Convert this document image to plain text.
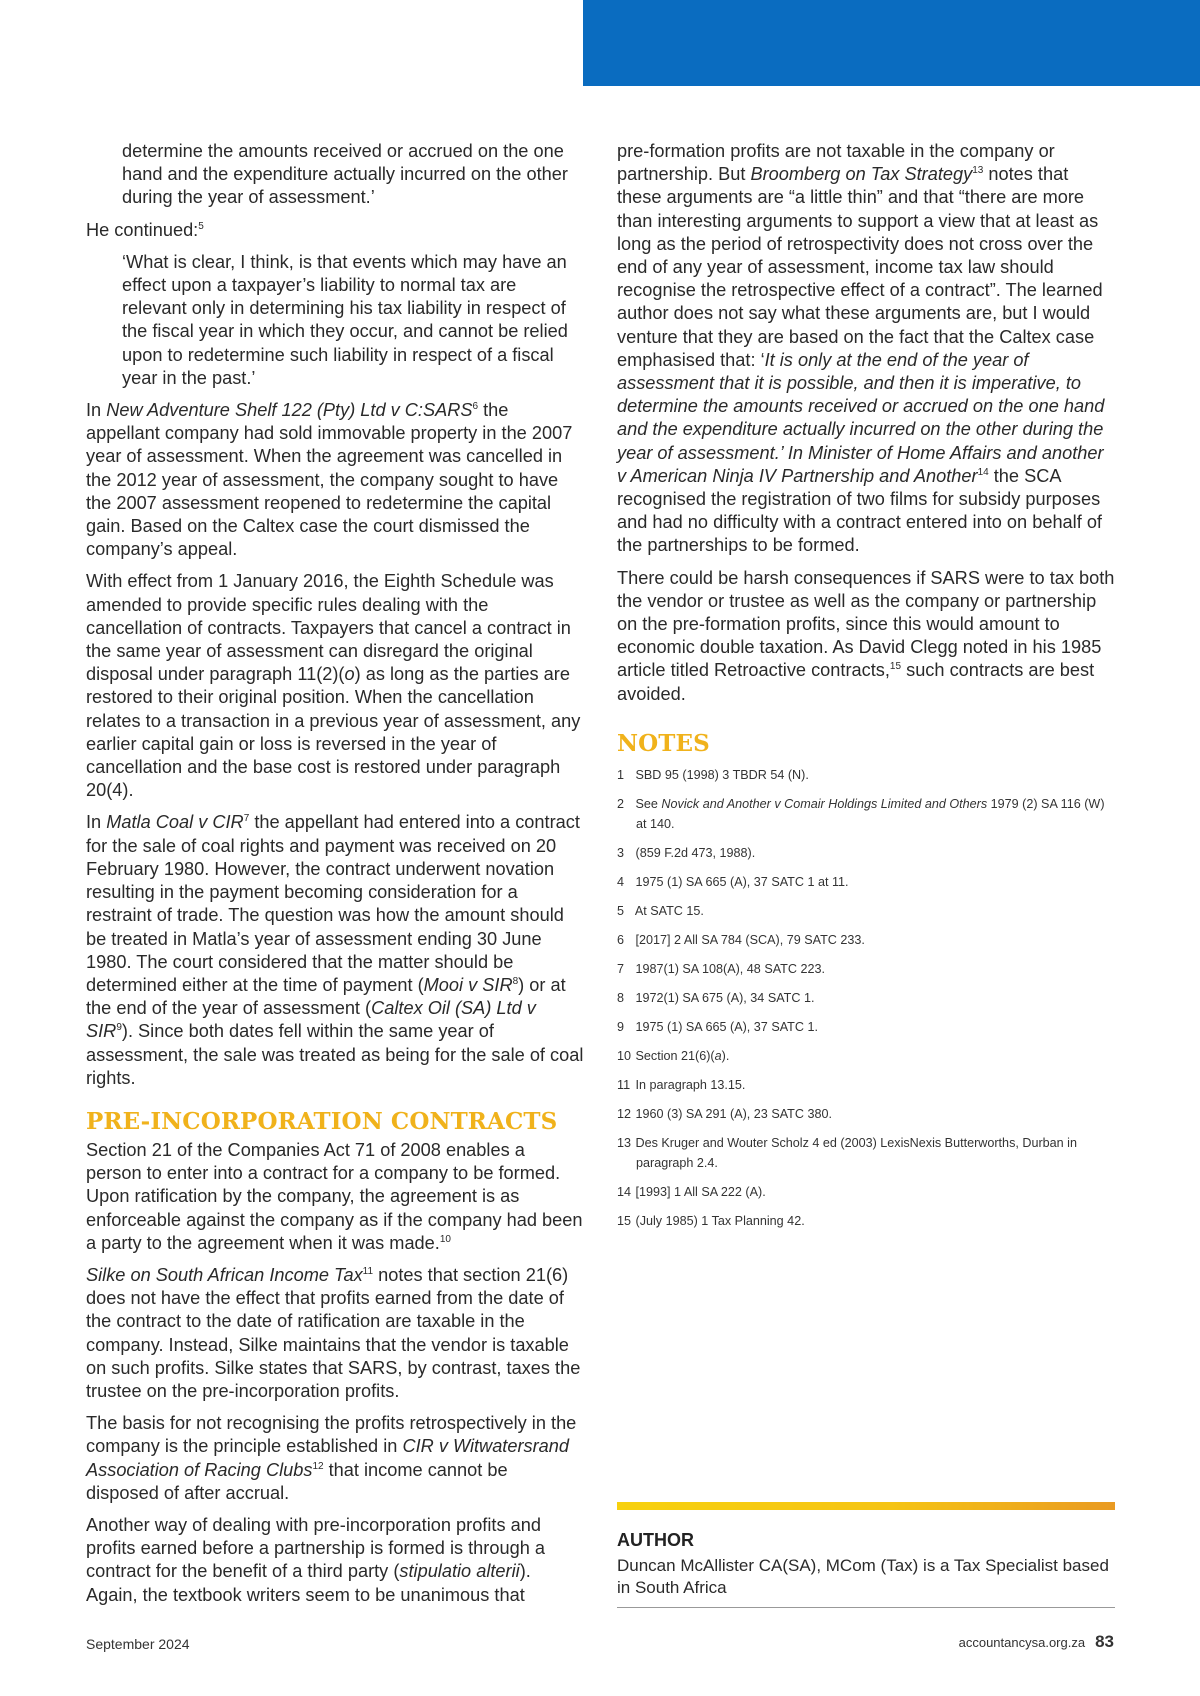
determine the amounts received or accrued on the one hand and the expenditure actually incurred on the other during the year of assessment.’

He continued:$^5$

‘What is clear, I think, is that events which may have an effect upon a taxpayer’s liability to normal tax are relevant only in determining his tax liability in respect of the fiscal year in which they occur, and cannot be relied upon to redetermine such liability in respect of a fiscal year in the past.’

In New Adventure Shelf 122 (Pty) Ltd v C:SARS$^6$ the appellant company had sold immovable property in the 2007 year of assessment. When the agreement was cancelled in the 2012 year of assessment, the company sought to have the 2007 assessment reopened to redetermine the capital gain. Based on the Caltex case the court dismissed the company’s appeal.

With effect from 1 January 2016, the Eighth Schedule was amended to provide specific rules dealing with the cancellation of contracts. Taxpayers that cancel a contract in the same year of assessment can disregard the original disposal under paragraph 11(2)(o) as long as the parties are restored to their original position. When the cancellation relates to a transaction in a previous year of assessment, any earlier capital gain or loss is reversed in the year of cancellation and the base cost is restored under paragraph 20(4).

In Matla Coal v CIR$^7$ the appellant had entered into a contract for the sale of coal rights and payment was received on 20 February 1980. However, the contract underwent novation resulting in the payment becoming consideration for a restraint of trade. The question was how the amount should be treated in Matla’s year of assessment ending 30 June 1980. The court considered that the matter should be determined either at the time of payment (Mooi v SIR$^8$) or at the end of the year of assessment (Caltex Oil (SA) Ltd v SIR$^9$). Since both dates fell within the same year of assessment, the sale was treated as being for the sale of coal rights.

PRE-INCORPORATION CONTRACTS

Section 21 of the Companies Act 71 of 2008 enables a person to enter into a contract for a company to be formed. Upon ratification by the company, the agreement is as enforceable against the company as if the company had been a party to the agreement when it was made.$^{10}$

Silke on South African Income Tax$^{11}$ notes that section 21(6) does not have the effect that profits earned from the date of the contract to the date of ratification are taxable in the company. Instead, Silke maintains that the vendor is taxable on such profits. Silke states that SARS, by contrast, taxes the trustee on the pre-incorporation profits.

The basis for not recognising the profits retrospectively in the company is the principle established in CIR v Witwatersrand Association of Racing Clubs$^{12}$ that income cannot be disposed of after accrual.

Another way of dealing with pre-incorporation profits and profits earned before a partnership is formed is through a contract for the benefit of a third party (stipulatio alterii). Again, the textbook writers seem to be unanimous that

pre-formation profits are not taxable in the company or partnership. But Broomberg on Tax Strategy$^{13}$ notes that these arguments are “a little thin” and that “there are more than interesting arguments to support a view that at least as long as the period of retrospectivity does not cross over the end of any year of assessment, income tax law should recognise the retrospective effect of a contract”. The learned author does not say what these arguments are, but I would venture that they are based on the fact that the Caltex case emphasised that: ‘It is only at the end of the year of assessment that it is possible, and then it is imperative, to determine the amounts received or accrued on the one hand and the expenditure actually incurred on the other during the year of assessment.’ In Minister of Home Affairs and another v American Ninja IV Partnership and Another$^{14}$ the SCA recognised the registration of two films for subsidy purposes and had no difficulty with a contract entered into on behalf of the partnerships to be formed.

There could be harsh consequences if SARS were to tax both the vendor or trustee as well as the company or partnership on the pre-formation profits, since this would amount to economic double taxation. As David Clegg noted in his 1985 article titled Retroactive contracts,$^{15}$ such contracts are best avoided.

NOTES
1 SBD 95 (1998) 3 TBDR 54 (N).
2 See Novick and Another v Comair Holdings Limited and Others 1979 (2) SA 116 (W) at 140.
3 (859 F.2d 473, 1988).
4 1975 (1) SA 665 (A), 37 SATC 1 at 11.
5 At SATC 15.
6 [2017] 2 All SA 784 (SCA), 79 SATC 233.
7 1987(1) SA 108(A), 48 SATC 223.
8 1972(1) SA 675 (A), 34 SATC 1.
9 1975 (1) SA 665 (A), 37 SATC 1.
10 Section 21(6)(a).
11 In paragraph 13.15.
12 1960 (3) SA 291 (A), 23 SATC 380.
13 Des Kruger and Wouter Scholz 4 ed (2003) LexisNexis Butterworths, Durban in paragraph 2.4.
14 [1993] 1 All SA 222 (A).
15 (July 1985) 1 Tax Planning 42.
AUTHOR

Duncan McAllister CA(SA), MCom (Tax) is a Tax Specialist based in South Africa

September 2024	accountancysa.org.za 83
